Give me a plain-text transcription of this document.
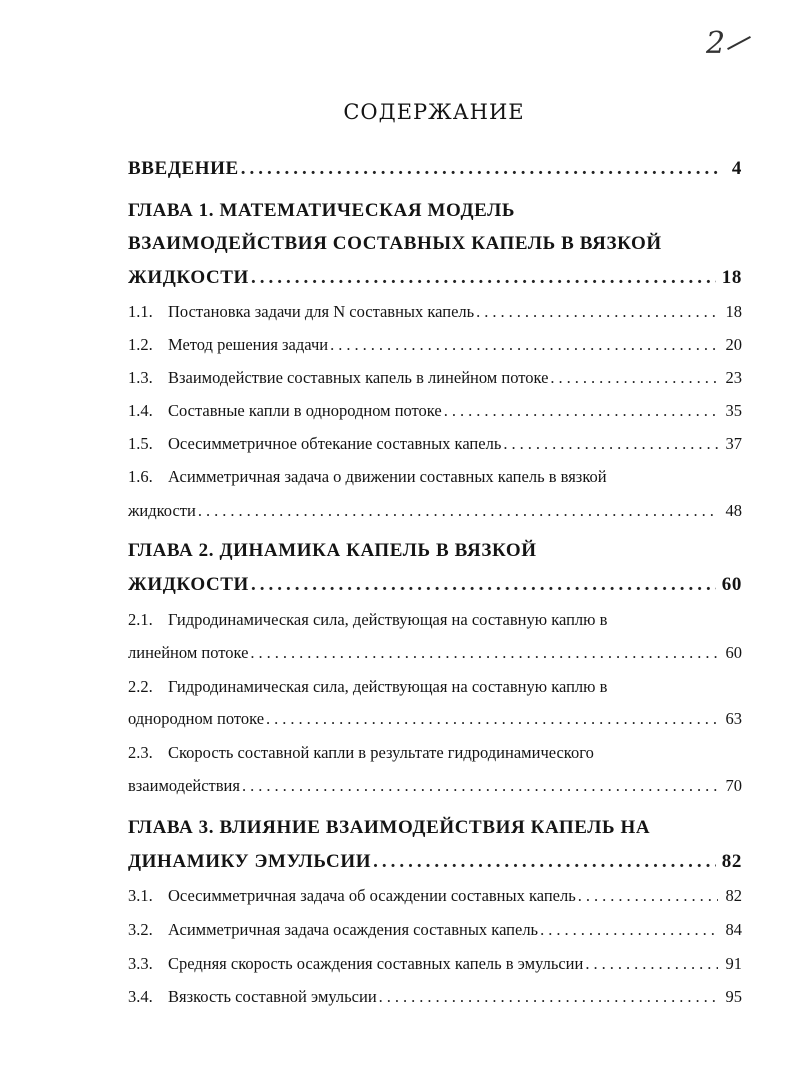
2
СОДЕРЖАНИЕ
ВВЕДЕНИЕ .....	4
ГЛАВА 1. МАТЕМАТИЧЕСКАЯ МОДЕЛЬ
ВЗАИМОДЕЙСТВИЯ СОСТАВНЫХ КАПЕЛЬ В ВЯЗКОЙ
ЖИДКОСТИ .....	18
1.1. Постановка задачи для N составных капель .....	18
1.2. Метод решения задачи .....	20
1.3. Взаимодействие составных капель в линейном потоке .....	23
1.4. Составные капли в однородном потоке .....	35
1.5. Осесимметричное обтекание составных капель .....	37
1.6. Асимметричная задача о движении составных капель в вязкой
жидкости .....	48
ГЛАВА 2. ДИНАМИКА КАПЕЛЬ В ВЯЗКОЙ
ЖИДКОСТИ .....	60
2.1. Гидродинамическая сила, действующая на составную каплю в
линейном потоке .....	60
2.2. Гидродинамическая сила, действующая на составную каплю в
однородном потоке .....	63
2.3. Скорость составной капли в результате гидродинамического
взаимодействия .....	70
ГЛАВА 3. ВЛИЯНИЕ ВЗАИМОДЕЙСТВИЯ КАПЕЛЬ НА
ДИНАМИКУ ЭМУЛЬСИИ .....	82
3.1. Осесимметричная задача об осаждении составных капель .....	82
3.2. Асимметричная задача осаждения составных капель .....	84
3.3. Средняя скорость осаждения составных капель в эмульсии .....	91
3.4. Вязкость составной эмульсии .....	95
